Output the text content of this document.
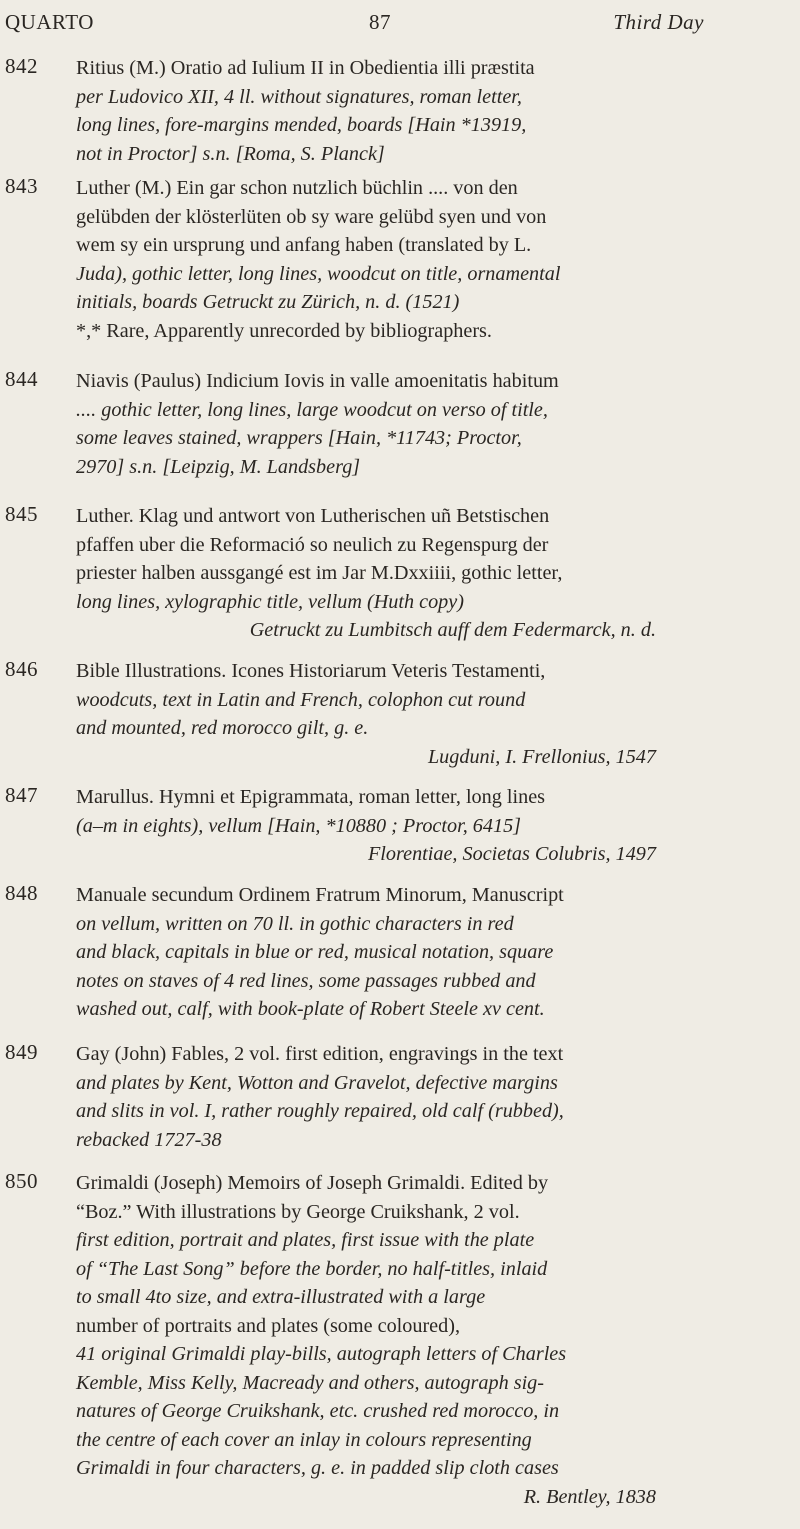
QUARTO	87	Third Day
842 Ritius (M.) Oratio ad Iulium II in Obedientia illi præstita
per Ludovico XII, 4 ll. without signatures, roman letter,
long lines, fore-margins mended, boards [Hain *13919,
not in Proctor] s.n. [Roma, S. Planck]
843 Luther (M.) Ein gar schon nutzlich büchlin .... von den
gelübden der klösterlüten ob sy ware gelübd syen und von
wem sy ein ursprung und anfang haben (translated by L.
Juda), gothic letter, long lines, woodcut on title, ornamental
initials, boards Getruckt zu Zürich, n. d. (1521)
*,* Rare, Apparently unrecorded by bibliographers.
844 Niavis (Paulus) Indicium Iovis in valle amoenitatis habitum
.... gothic letter, long lines, large woodcut on verso of title,
some leaves stained, wrappers [Hain, *11743; Proctor,
2970] s.n. [Leipzig, M. Landsberg]
845 Luther. Klag und antwort von Lutherischen uñ Betstischen
pfaffen uber die Reformació so neulich zu Regenspurg der
priester halben aussgangé est im Jar M.Dxxiiii, gothic letter,
long lines, xylographic title, vellum (Huth copy)
Getruckt zu Lumbitsch auff dem Federmarck, n. d.
846 Bible Illustrations. Icones Historiarum Veteris Testamenti,
woodcuts, text in Latin and French, colophon cut round
and mounted, red morocco gilt, g. e.
Lugduni, I. Frellonius, 1547
847 Marullus. Hymni et Epigrammata, roman letter, long lines
(a–m in eights), vellum [Hain, *10880 ; Proctor, 6415]
Florentiae, Societas Colubris, 1497
848 Manuale secundum Ordinem Fratrum Minorum, Manuscript
on vellum, written on 70 ll. in gothic characters in red
and black, capitals in blue or red, musical notation, square
notes on staves of 4 red lines, some passages rubbed and
washed out, calf, with book-plate of Robert Steele xv cent.
849 Gay (John) Fables, 2 vol. first edition, engravings in the text
and plates by Kent, Wotton and Gravelot, defective margins
and slits in vol. I, rather roughly repaired, old calf (rubbed),
rebacked 1727-38
850 Grimaldi (Joseph) Memoirs of Joseph Grimaldi. Edited by
“Boz.” With illustrations by George Cruikshank, 2 vol.
first edition, portrait and plates, first issue with the plate
of “The Last Song” before the border, no half-titles, inlaid
to small 4to size, and extra-illustrated with a large
number of portraits and plates (some coloured),
41 original Grimaldi play-bills, autograph letters of Charles
Kemble, Miss Kelly, Macready and others, autograph sig-
natures of George Cruikshank, etc. crushed red morocco, in
the centre of each cover an inlay in colours representing
Grimaldi in four characters, g. e. in padded slip cloth cases
R. Bentley, 1838
